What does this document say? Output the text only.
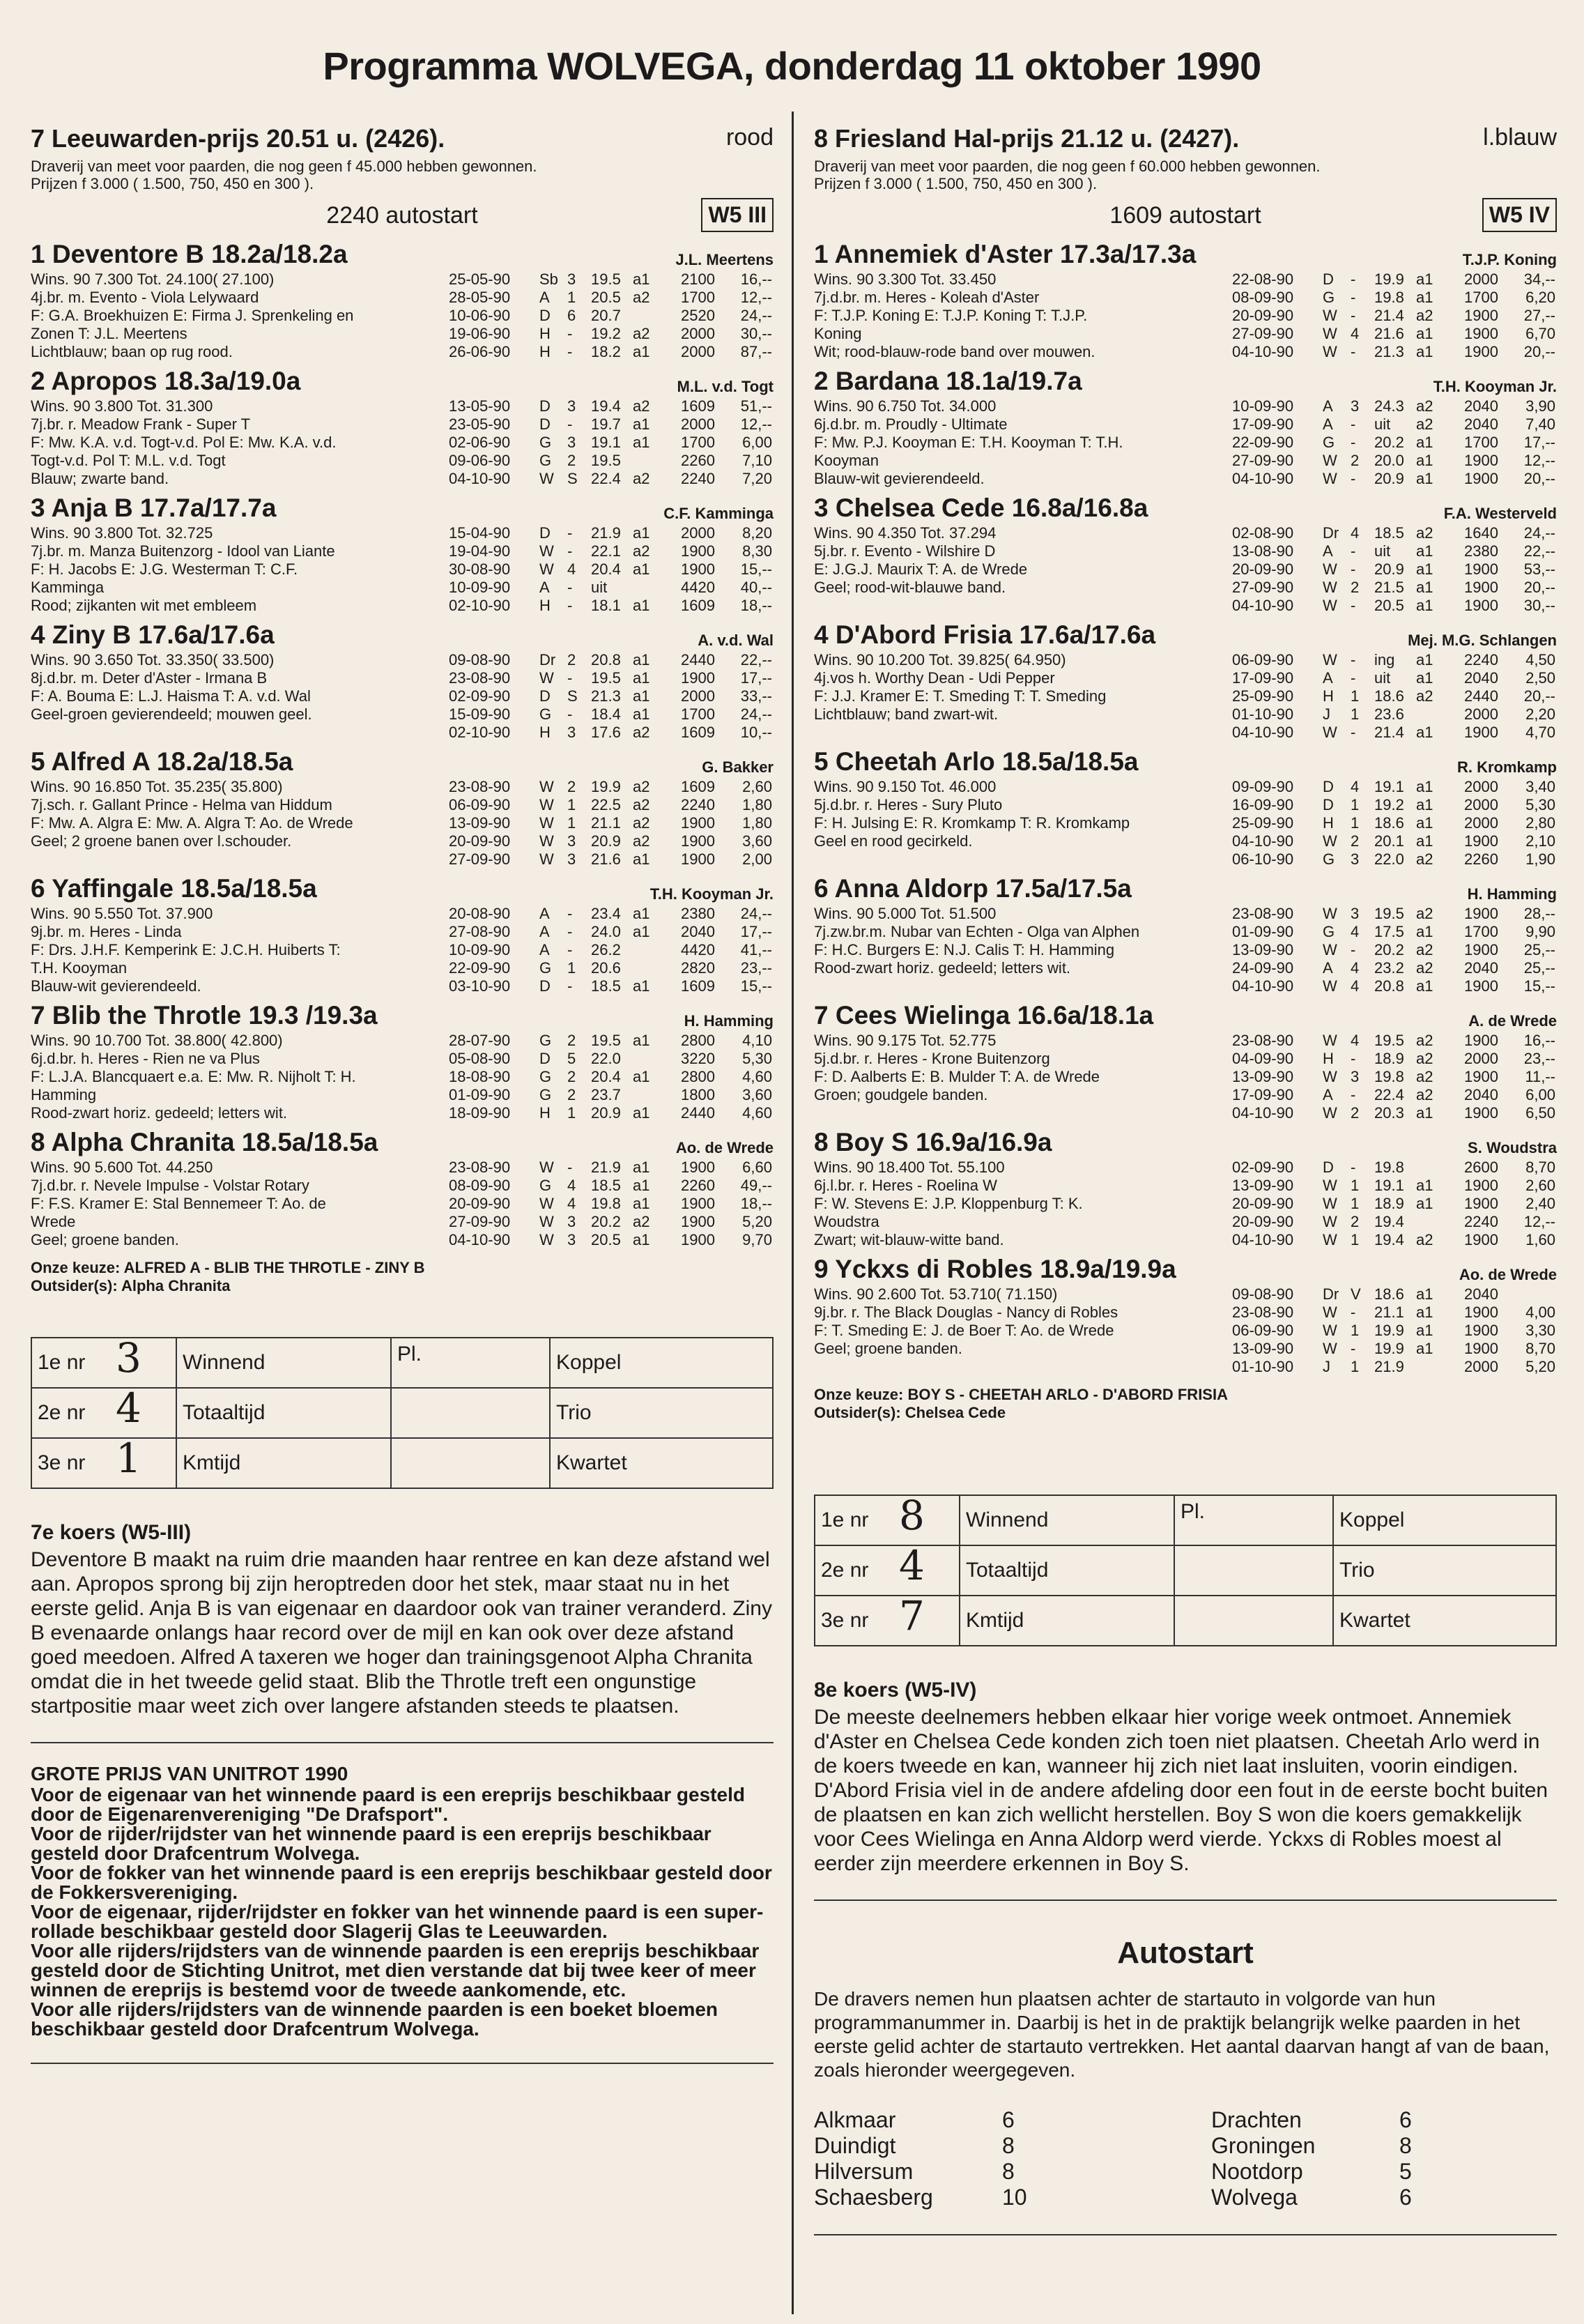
Programma WOLVEGA, donderdag 11 oktober 1990
7 Leeuwarden-prijs 20.51 u. (2426).	rood
Draverij van meet voor paarden, die nog geen f 45.000 hebben gewonnen.
Prijzen f 3.000 ( 1.500, 750, 450 en 300 ).
2240 autostart	W5 III
1 Deventore B 18.2a/18.2a	J.L. Meertens
Wins. 90 7.300 Tot. 24.100( 27.100)
4j.br. m. Evento - Viola Lelywaard
F: G.A. Broekhuizen E: Firma J. Sprenkeling en
Zonen T: J.L. Meertens
Lichtblauw; baan op rug rood.
25-05-90	Sb	3	19.5	a1	2100	16,--
28-05-90	A	1	20.5	a2	1700	12,--
10-06-90	D	6	20.7		2520	24,--
19-06-90	H	-	19.2	a2	2000	30,--
26-06-90	H	-	18.2	a1	2000	87,--
2 Apropos 18.3a/19.0a	M.L. v.d. Togt
Wins. 90 3.800 Tot. 31.300
7j.br. r. Meadow Frank - Super T
F: Mw. K.A. v.d. Togt-v.d. Pol E: Mw. K.A. v.d.
Togt-v.d. Pol T: M.L. v.d. Togt
Blauw; zwarte band.
13-05-90	D	3	19.4	a2	1609	51,--
23-05-90	D	-	19.7	a1	2000	12,--
02-06-90	G	3	19.1	a1	1700	6,00
09-06-90	G	2	19.5		2260	7,10
04-10-90	W	S	22.4	a2	2240	7,20
3 Anja B 17.7a/17.7a	C.F. Kamminga
Wins. 90 3.800 Tot. 32.725
7j.br. m. Manza Buitenzorg - Idool van Liante
F: H. Jacobs E: J.G. Westerman T: C.F.
Kamminga
Rood; zijkanten wit met embleem
15-04-90	D	-	21.9	a1	2000	8,20
19-04-90	W	-	22.1	a2	1900	8,30
30-08-90	W	4	20.4	a1	1900	15,--
10-09-90	A	-	uit		4420	40,--
02-10-90	H	-	18.1	a1	1609	18,--
4 Ziny B 17.6a/17.6a	A. v.d. Wal
Wins. 90 3.650 Tot. 33.350( 33.500)
8j.d.br. m. Deter d'Aster - Irmana B
F: A. Bouma E: L.J. Haisma T: A. v.d. Wal
Geel-groen gevierendeeld; mouwen geel.
09-08-90	Dr	2	20.8	a1	2440	22,--
23-08-90	W	-	19.5	a1	1900	17,--
02-09-90	D	S	21.3	a1	2000	33,--
15-09-90	G	-	18.4	a1	1700	24,--
02-10-90	H	3	17.6	a2	1609	10,--
5 Alfred A 18.2a/18.5a	G. Bakker
Wins. 90 16.850 Tot. 35.235( 35.800)
7j.sch. r. Gallant Prince - Helma van Hiddum
F: Mw. A. Algra E: Mw. A. Algra T: Ao. de Wrede
Geel; 2 groene banen over l.schouder.
23-08-90	W	2	19.9	a2	1609	2,60
06-09-90	W	1	22.5	a2	2240	1,80
13-09-90	W	1	21.1	a2	1900	1,80
20-09-90	W	3	20.9	a2	1900	3,60
27-09-90	W	3	21.6	a1	1900	2,00
6 Yaffingale 18.5a/18.5a	T.H. Kooyman Jr.
Wins. 90 5.550 Tot. 37.900
9j.br. m. Heres - Linda
F: Drs. J.H.F. Kemperink E: J.C.H. Huiberts T:
T.H. Kooyman
Blauw-wit gevierendeeld.
20-08-90	A	-	23.4	a1	2380	24,--
27-08-90	A	-	24.0	a1	2040	17,--
10-09-90	A	-	26.2		4420	41,--
22-09-90	G	1	20.6		2820	23,--
03-10-90	D	-	18.5	a1	1609	15,--
7 Blib the Throtle 19.3 /19.3a	H. Hamming
Wins. 90 10.700 Tot. 38.800( 42.800)
6j.d.br. h. Heres - Rien ne va Plus
F: L.J.A. Blancquaert e.a. E: Mw. R. Nijholt T: H.
Hamming
Rood-zwart horiz. gedeeld; letters wit.
28-07-90	G	2	19.5	a1	2800	4,10
05-08-90	D	5	22.0		3220	5,30
18-08-90	G	2	20.4	a1	2800	4,60
01-09-90	G	2	23.7		1800	3,60
18-09-90	H	1	20.9	a1	2440	4,60
8 Alpha Chranita 18.5a/18.5a	Ao. de Wrede
Wins. 90 5.600 Tot. 44.250
7j.d.br. r. Nevele Impulse - Volstar Rotary
F: F.S. Kramer E: Stal Bennemeer T: Ao. de
Wrede
Geel; groene banden.
23-08-90	W	-	21.9	a1	1900	6,60
08-09-90	G	4	18.5	a1	2260	49,--
20-09-90	W	4	19.8	a1	1900	18,--
27-09-90	W	3	20.2	a2	1900	5,20
04-10-90	W	3	20.5	a1	1900	9,70
Onze keuze: ALFRED A - BLIB THE THROTLE - ZINY B
Outsider(s): Alpha Chranita
1e nr 3	Winnend	Pl.	Koppel
2e nr 4	Totaaltijd		Trio
3e nr 1	Kmtijd		Kwartet
7e koers (W5-III)
Deventore B maakt na ruim drie maanden haar rentree en kan deze afstand wel aan. Apropos sprong bij zijn heroptreden door het stek, maar staat nu in het eerste gelid. Anja B is van eigenaar en daardoor ook van trainer veranderd. Ziny B evenaarde onlangs haar record over de mijl en kan ook over deze afstand goed meedoen. Alfred A taxeren we hoger dan trainingsgenoot Alpha Chranita omdat die in het tweede gelid staat. Blib the Throtle treft een ongunstige startpositie maar weet zich over langere afstanden steeds te plaatsen.
GROTE PRIJS VAN UNITROT 1990
Voor de eigenaar van het winnende paard is een ereprijs beschikbaar gesteld door de Eigenarenvereniging "De Drafsport".
Voor de rijder/rijdster van het winnende paard is een ereprijs beschikbaar gesteld door Drafcentrum Wolvega.
Voor de fokker van het winnende paard is een ereprijs beschikbaar gesteld door de Fokkersvereniging.
Voor de eigenaar, rijder/rijdster en fokker van het winnende paard is een super-rollade beschikbaar gesteld door Slagerij Glas te Leeuwarden.
Voor alle rijders/rijdsters van de winnende paarden is een ereprijs beschikbaar gesteld door de Stichting Unitrot, met dien verstande dat bij twee keer of meer winnen de ereprijs is bestemd voor de tweede aankomende, etc.
Voor alle rijders/rijdsters van de winnende paarden is een boeket bloemen beschikbaar gesteld door Drafcentrum Wolvega.
8 Friesland Hal-prijs 21.12 u. (2427).	l.blauw
Draverij van meet voor paarden, die nog geen f 60.000 hebben gewonnen.
Prijzen f 3.000 ( 1.500, 750, 450 en 300 ).
1609 autostart	W5 IV
1 Annemiek d'Aster 17.3a/17.3a	T.J.P. Koning
Wins. 90 3.300 Tot. 33.450
7j.d.br. m. Heres - Koleah d'Aster
F: T.J.P. Koning E: T.J.P. Koning T: T.J.P.
Koning
Wit; rood-blauw-rode band over mouwen.
22-08-90	D	-	19.9	a1	2000	34,--
08-09-90	G	-	19.8	a1	1700	6,20
20-09-90	W	-	21.4	a2	1900	27,--
27-09-90	W	4	21.6	a1	1900	6,70
04-10-90	W	-	21.3	a1	1900	20,--
2 Bardana 18.1a/19.7a	T.H. Kooyman Jr.
Wins. 90 6.750 Tot. 34.000
6j.d.br. m. Proudly - Ultimate
F: Mw. P.J. Kooyman E: T.H. Kooyman T: T.H.
Kooyman
Blauw-wit gevierendeeld.
10-09-90	A	3	24.3	a2	2040	3,90
17-09-90	A	-	uit	a2	2040	7,40
22-09-90	G	-	20.2	a1	1700	17,--
27-09-90	W	2	20.0	a1	1900	12,--
04-10-90	W	-	20.9	a1	1900	20,--
3 Chelsea Cede 16.8a/16.8a	F.A. Westerveld
Wins. 90 4.350 Tot. 37.294
5j.br. r. Evento - Wilshire D
E: J.G.J. Maurix T: A. de Wrede
Geel; rood-wit-blauwe band.
02-08-90	Dr	4	18.5	a2	1640	24,--
13-08-90	A	-	uit	a1	2380	22,--
20-09-90	W	-	20.9	a1	1900	53,--
27-09-90	W	2	21.5	a1	1900	20,--
04-10-90	W	-	20.5	a1	1900	30,--
4 D'Abord Frisia 17.6a/17.6a	Mej. M.G. Schlangen
Wins. 90 10.200 Tot. 39.825( 64.950)
4j.vos h. Worthy Dean - Udi Pepper
F: J.J. Kramer E: T. Smeding T: T. Smeding
Lichtblauw; band zwart-wit.
06-09-90	W	-	ing	a1	2240	4,50
17-09-90	A	-	uit	a1	2040	2,50
25-09-90	H	1	18.6	a2	2440	20,--
01-10-90	J	1	23.6		2000	2,20
04-10-90	W	-	21.4	a1	1900	4,70
5 Cheetah Arlo 18.5a/18.5a	R. Kromkamp
Wins. 90 9.150 Tot. 46.000
5j.d.br. r. Heres - Sury Pluto
F: H. Julsing E: R. Kromkamp T: R. Kromkamp
Geel en rood gecirkeld.
09-09-90	D	4	19.1	a1	2000	3,40
16-09-90	D	1	19.2	a1	2000	5,30
25-09-90	H	1	18.6	a1	2000	2,80
04-10-90	W	2	20.1	a1	1900	2,10
06-10-90	G	3	22.0	a2	2260	1,90
6 Anna Aldorp 17.5a/17.5a	H. Hamming
Wins. 90 5.000 Tot. 51.500
7j.zw.br.m. Nubar van Echten - Olga van Alphen
F: H.C. Burgers E: N.J. Calis T: H. Hamming
Rood-zwart horiz. gedeeld; letters wit.
23-08-90	W	3	19.5	a2	1900	28,--
01-09-90	G	4	17.5	a1	1700	9,90
13-09-90	W	-	20.2	a2	1900	25,--
24-09-90	A	4	23.2	a2	2040	25,--
04-10-90	W	4	20.8	a1	1900	15,--
7 Cees Wielinga 16.6a/18.1a	A. de Wrede
Wins. 90 9.175 Tot. 52.775
5j.d.br. r. Heres - Krone Buitenzorg
F: D. Aalberts E: B. Mulder T: A. de Wrede
Groen; goudgele banden.
23-08-90	W	4	19.5	a2	1900	16,--
04-09-90	H	-	18.9	a2	2000	23,--
13-09-90	W	3	19.8	a2	1900	11,--
17-09-90	A	-	22.4	a2	2040	6,00
04-10-90	W	2	20.3	a1	1900	6,50
8 Boy S 16.9a/16.9a	S. Woudstra
Wins. 90 18.400 Tot. 55.100
6j.l.br. r. Heres - Roelina W
F: W. Stevens E: J.P. Kloppenburg T: K.
Woudstra
Zwart; wit-blauw-witte band.
02-09-90	D	-	19.8		2600	8,70
13-09-90	W	1	19.1	a1	1900	2,60
20-09-90	W	1	18.9	a1	1900	2,40
20-09-90	W	2	19.4		2240	12,--
04-10-90	W	1	19.4	a2	1900	1,60
9 Yckxs di Robles 18.9a/19.9a	Ao. de Wrede
Wins. 90 2.600 Tot. 53.710( 71.150)
9j.br. r. The Black Douglas - Nancy di Robles
F: T. Smeding E: J. de Boer T: Ao. de Wrede
Geel; groene banden.
09-08-90	Dr	V	18.6	a1	2040	
23-08-90	W	-	21.1	a1	1900	4,00
06-09-90	W	1	19.9	a1	1900	3,30
13-09-90	W	-	19.9	a1	1900	8,70
01-10-90	J	1	21.9		2000	5,20
Onze keuze: BOY S - CHEETAH ARLO - D'ABORD FRISIA
Outsider(s): Chelsea Cede
1e nr 8	Winnend	Pl.	Koppel
2e nr 4	Totaaltijd		Trio
3e nr 7	Kmtijd		Kwartet
8e koers (W5-IV)
De meeste deelnemers hebben elkaar hier vorige week ontmoet. Annemiek d'Aster en Chelsea Cede konden zich toen niet plaatsen. Cheetah Arlo werd in de koers tweede en kan, wanneer hij zich niet laat insluiten, voorin eindigen. D'Abord Frisia viel in de andere afdeling door een fout in de eerste bocht buiten de plaatsen en kan zich wellicht herstellen. Boy S won die koers gemakkelijk voor Cees Wielinga en Anna Aldorp werd vierde. Yckxs di Robles moest al eerder zijn meerdere erkennen in Boy S.
Autostart
De dravers nemen hun plaatsen achter de startauto in volgorde van hun programmanummer in. Daarbij is het in de praktijk belangrijk welke paarden in het eerste gelid achter de startauto vertrekken. Het aantal daarvan hangt af van de baan, zoals hieronder weergegeven.
Alkmaar	6	Drachten	6
Duindigt	8	Groningen	8
Hilversum	8	Nootdorp	5
Schaesberg	10	Wolvega	6
